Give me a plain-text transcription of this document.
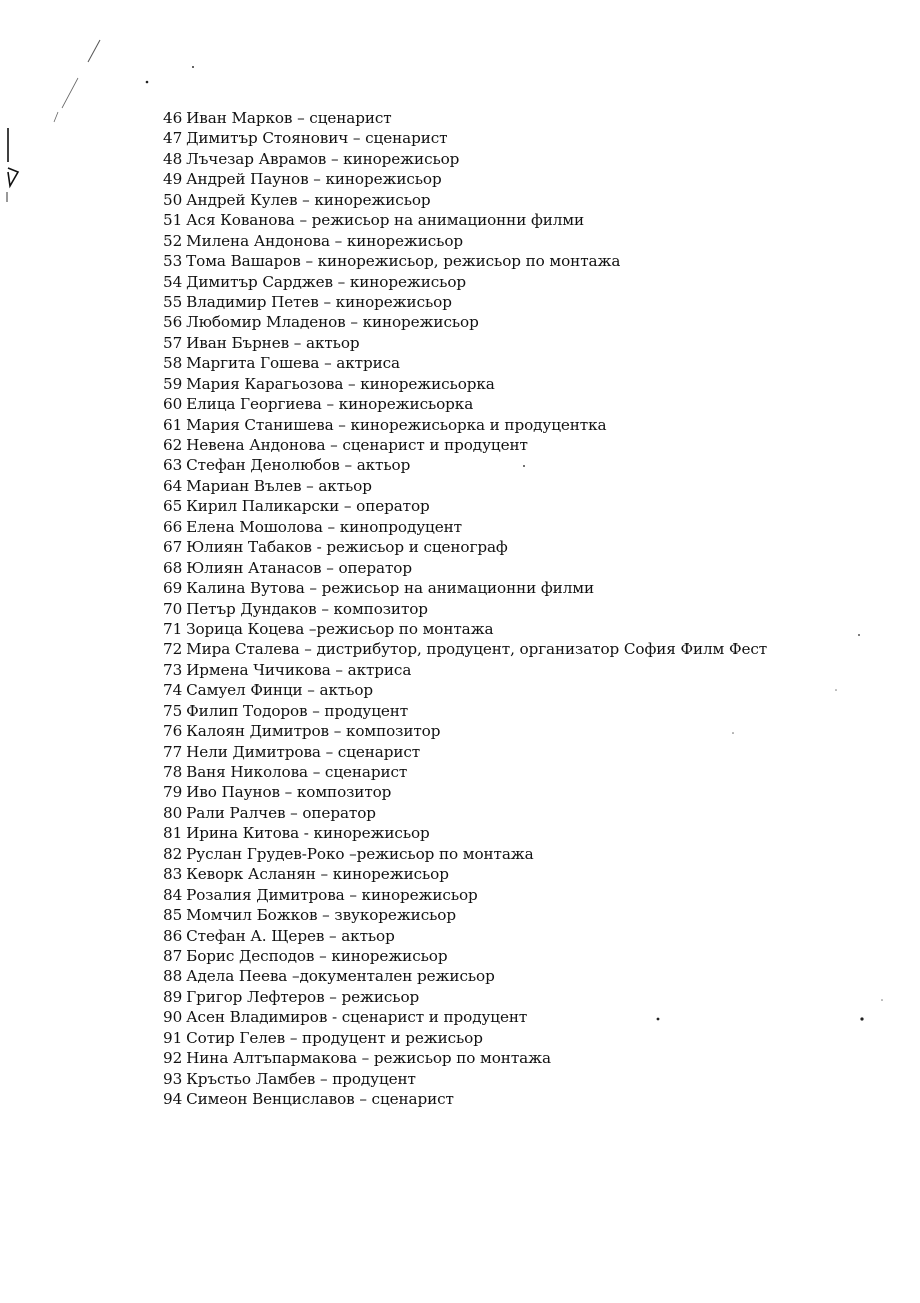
46 Иван Марков – сценарист
47 Димитър Стоянович – сценарист
48 Лъчезар Аврамов – кинорежисьор
49 Андрей Паунов – кинорежисьор
50 Андрей Кулев – кинорежисьор
51 Ася Кованова – режисьор на анимационни филми
52 Милена Андонова – кинорежисьор
53 Тома Вашаров – кинорежисьор, режисьор по монтажа
54 Димитър Сарджев – кинорежисьор
55 Владимир Петев – кинорежисьор
56 Любомир Младенов – кинорежисьор
57 Иван Бърнев – актьор
58 Маргита Гошева – актриса
59 Мария Карагьозова – кинорежисьорка
60 Елица Георгиева – кинорежисьорка
61 Мария Станишева – кинорежисьорка и продуцентка
62 Невена Андонова – сценарист и продуцент
63 Стефан Денолюбов – актьор
64 Мариан Вълев – актьор
65 Кирил Паликарски – оператор
66 Елена Мошолова – кинопродуцент
67 Юлиян Табаков - режисьор и сценограф
68 Юлиян Атанасов – оператор
69 Калина Вутова – режисьор на анимационни филми
70 Петър Дундаков – композитор
71 Зорица Коцева –режисьор по монтажа
72 Мира Сталева – дистрибутор, продуцент, организатор София Филм Фест
73 Ирмена Чичикова – актриса
74 Самуел Финци – актьор
75 Филип Тодоров – продуцент
76 Калоян Димитров – композитор
77 Нели Димитрова – сценарист
78 Ваня Николова – сценарист
79 Иво Паунов – композитор
80 Рали Ралчев – оператор
81 Ирина Китова - кинорежисьор
82 Руслан Грудев-Роко –режисьор по монтажа
83 Кеворк Асланян – кинорежисьор
84 Розалия Димитрова – кинорежисьор
85 Момчил Божков – звукорежисьор
86 Стефан А. Щерев – актьор
87 Борис Десподов – кинорежисьор
88 Адела Пеева –документален режисьор
89 Григор Лефтеров – режисьор
90 Асен Владимиров - сценарист и продуцент
91 Сотир Гелев – продуцент и режисьор
92 Нина Алтъпармакова – режисьор по монтажа
93 Кръстьо Ламбев – продуцент
94 Симеон Венциславов – сценарист
